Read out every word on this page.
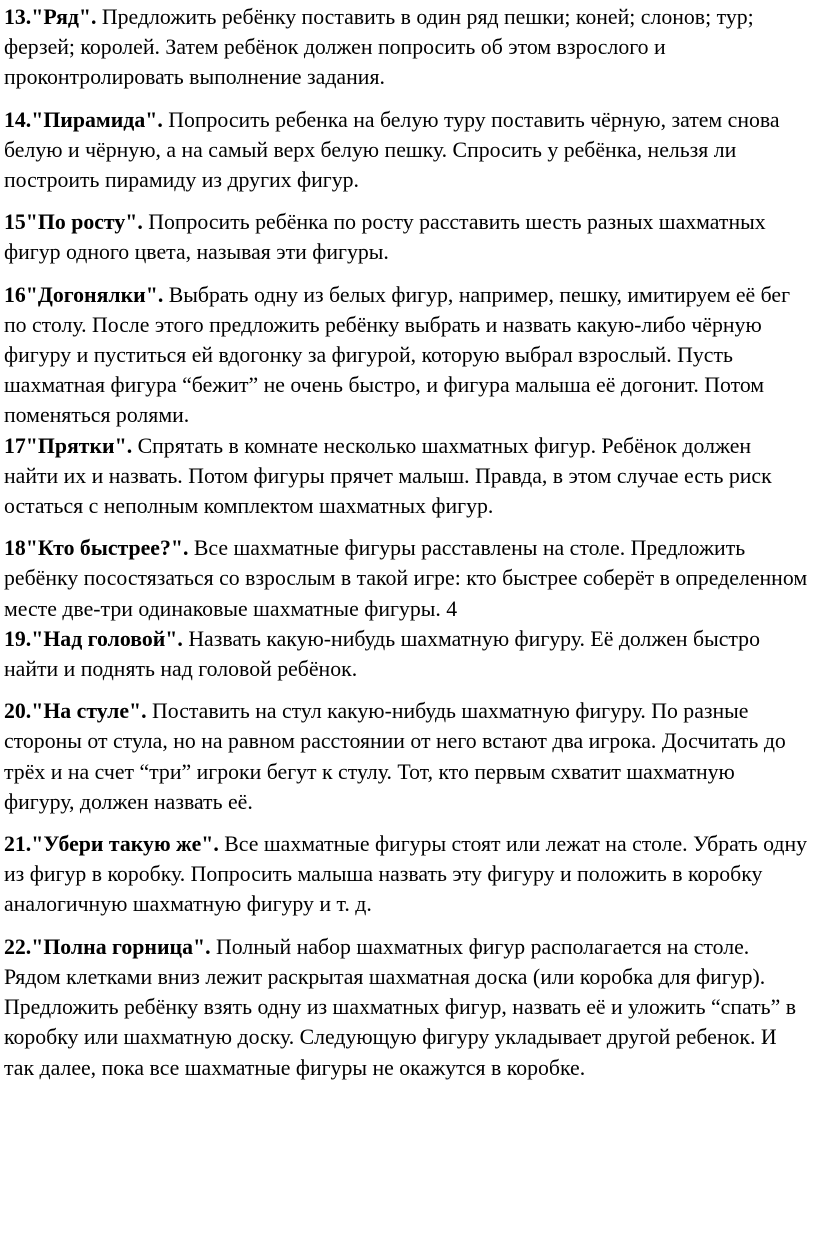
13."Ряд". Предложить ребёнку поставить в один ряд пешки; коней; слонов; тур; ферзей; королей. Затем ребёнок должен попросить об этом взрослого и проконтролировать выполнение задания.

14."Пирамида". Попросить ребенка на белую туру поставить чёрную, затем снова белую и чёрную, а на самый верх белую пешку. Спросить у ребёнка, нельзя ли построить пирамиду из других фигур.

15"По росту". Попросить ребёнка по росту расставить шесть разных шахматных фигур одного цвета, называя эти фигуры.

16"Догонялки". Выбрать одну из белых фигур, например, пешку, имитируем её бег по столу. После этого предложить ребёнку выбрать и назвать какую-либо чёрную фигуру и пуститься ей вдогонку за фигурой, которую выбрал взрослый. Пусть шахматная фигура “бежит” не очень быстро, и фигура малыша её догонит. Потом поменяться ролями.

17"Прятки". Спрятать в комнате несколько шахматных фигур. Ребёнок должен найти их и назвать. Потом фигуры прячет малыш. Правда, в этом случае есть риск остаться с неполным комплектом шахматных фигур.

18"Кто быстрее?". Все шахматные фигуры расставлены на столе. Предложить ребёнку посостязаться со взрослым в такой игре: кто быстрее соберёт в определенном месте две-три одинаковые шахматные фигуры. 4

19."Над головой". Назвать какую-нибудь шахматную фигуру. Её должен быстро найти и поднять над головой ребёнок.

20."На стуле". Поставить на стул какую-нибудь шахматную фигуру. По разные стороны от стула, но на равном расстоянии от него встают два игрока. Досчитать до трёх и на счет “три” игроки бегут к стулу. Тот, кто первым схватит шахматную фигуру, должен назвать её.

21."Убери такую же". Все шахматные фигуры стоят или лежат на столе. Убрать одну из фигур в коробку. Попросить малыша назвать эту фигуру и положить в коробку аналогичную шахматную фигуру и т. д.

22."Полна горница". Полный набор шахматных фигур располагается на столе. Рядом клетками вниз лежит раскрытая шахматная доска (или коробка для фигур). Предложить ребёнку взять одну из шахматных фигур, назвать её и уложить “спать” в коробку или шахматную доску. Следующую фигуру укладывает другой ребенок. И так далее, пока все шахматные фигуры не окажутся в коробке.
